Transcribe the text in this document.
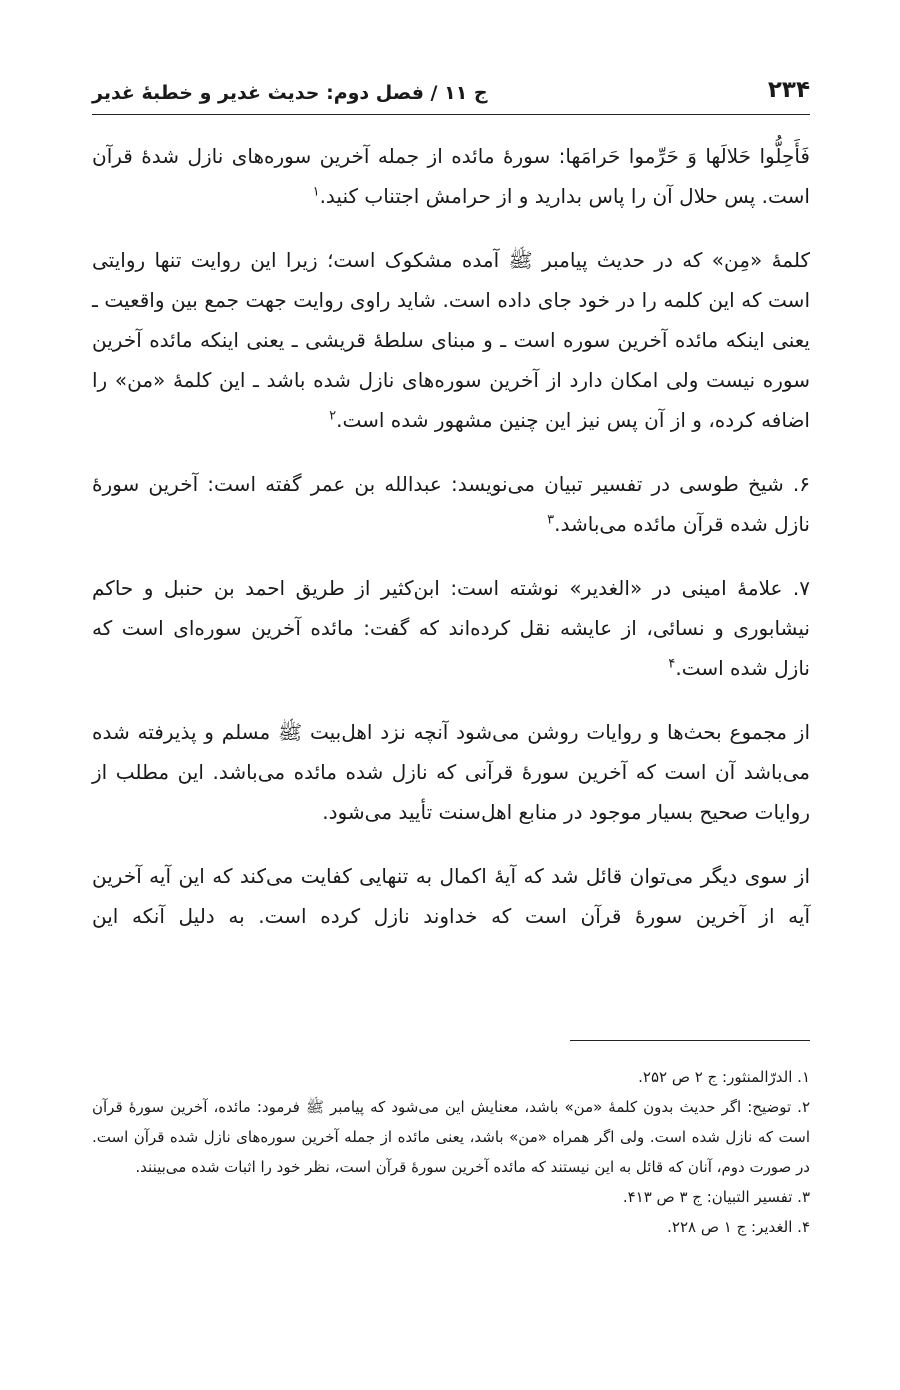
۲۳۴
ج ۱۱ / فصل دوم: حدیث غدیر و خطبهٔ غدیر

فَأَحِلُّوا حَلالَها وَ حَرِّموا حَرامَها: سورهٔ مائده از جمله آخرین سوره‌های نازل شدهٔ قرآن است. پس حلال آن را پاس بدارید و از حرامش اجتناب کنید.$^۱$

کلمهٔ «مِن» که در حدیث پیامبر ﷺ آمده مشکوک است؛ زیرا این روایت تنها روایتی است که این کلمه را در خود جای داده است. شاید راوی روایت جهت جمع بین واقعیت ـ یعنی اینکه مائده آخرین سوره است ـ و مبنای سلطهٔ قریشی ـ یعنی اینکه مائده آخرین سوره نیست ولی امکان دارد از آخرین سوره‌های نازل شده باشد ـ این کلمهٔ «من» را اضافه کرده، و از آن پس نیز این چنین مشهور شده است.$^۲$

۶. شیخ طوسی در تفسیر تبیان می‌نویسد: عبدالله بن عمر گفته است: آخرین سورهٔ نازل شده قرآن مائده می‌باشد.$^۳$

۷. علامهٔ امینی در «الغدیر» نوشته است: ابن‌کثیر از طریق احمد بن حنبل و حاکم نیشابوری و نسائی، از عایشه نقل کرده‌اند که گفت: مائده آخرین سوره‌ای است که نازل شده است.$^۴$

از مجموع بحث‌ها و روایات روشن می‌شود آنچه نزد اهل‌بیت ﷺ مسلم و پذیرفته شده می‌باشد آن است که آخرین سورهٔ قرآنی که نازل شده مائده می‌باشد. این مطلب از روایات صحیح بسیار موجود در منابع اهل‌سنت تأیید می‌شود.

از سوی دیگر می‌توان قائل شد که آیهٔ اکمال به تنهایی کفایت می‌کند که این آیه آخرین آیه از آخرین سورهٔ قرآن است که خداوند نازل کرده است. به دلیل آنکه این

۱. الدرّالمنثور: ج ۲ ص ۲۵۲.

۲. توضیح: اگر حدیث بدون کلمهٔ «من» باشد، معنایش این می‌شود که پیامبر ﷺ فرمود: مائده، آخرین سورهٔ قرآن است که نازل شده است. ولی اگر همراه «من» باشد، یعنی مائده از جمله آخرین سوره‌های نازل شده قرآن است. در صورت دوم، آنان که قائل به این نیستند که مائده آخرین سورهٔ قرآن است، نظر خود را اثبات شده می‌بینند.

۳. تفسیر التبیان: ج ۳ ص ۴۱۳.

۴. الغدیر: ج ۱ ص ۲۲۸.
